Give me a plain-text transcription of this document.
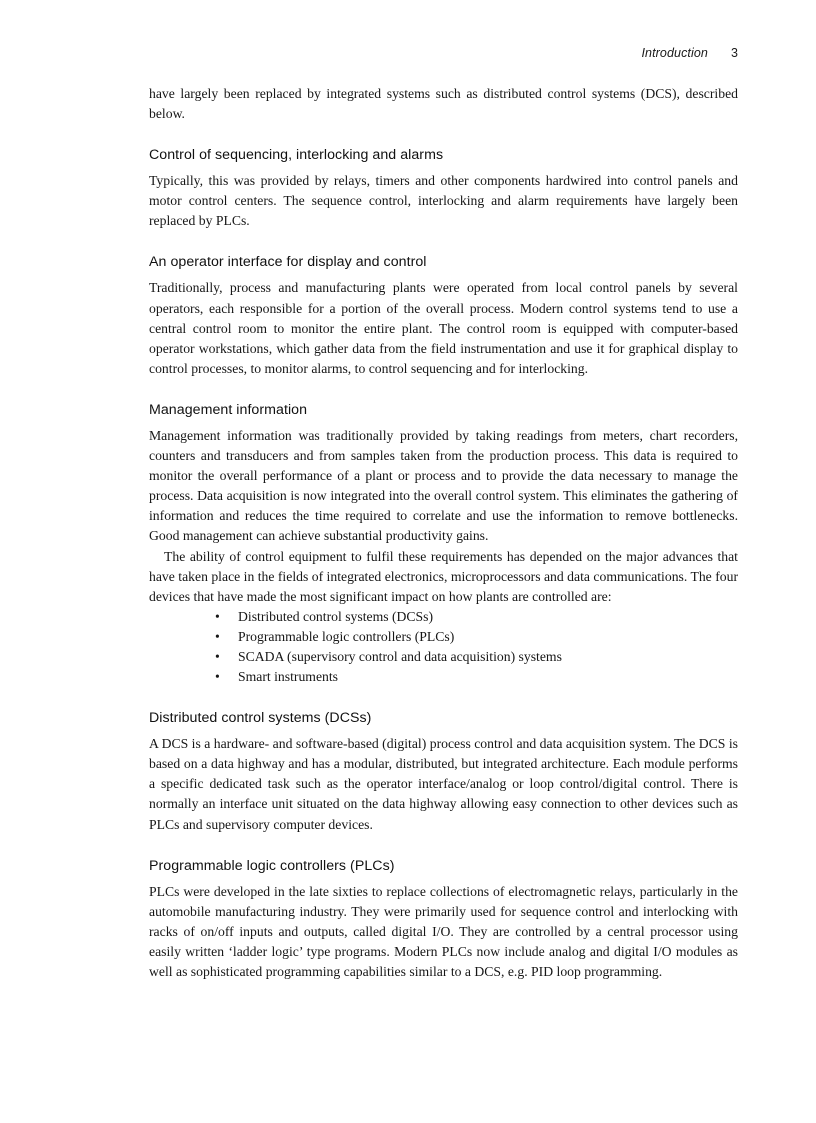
Introduction 3

have largely been replaced by integrated systems such as distributed control systems (DCS), described below.

Control of sequencing, interlocking and alarms

Typically, this was provided by relays, timers and other components hardwired into control panels and motor control centers. The sequence control, interlocking and alarm requirements have largely been replaced by PLCs.

An operator interface for display and control

Traditionally, process and manufacturing plants were operated from local control panels by several operators, each responsible for a portion of the overall process. Modern control systems tend to use a central control room to monitor the entire plant. The control room is equipped with computer-based operator workstations, which gather data from the field instrumentation and use it for graphical display to control processes, to monitor alarms, to control sequencing and for interlocking.

Management information

Management information was traditionally provided by taking readings from meters, chart recorders, counters and transducers and from samples taken from the production process. This data is required to monitor the overall performance of a plant or process and to provide the data necessary to manage the process. Data acquisition is now integrated into the overall control system. This eliminates the gathering of information and reduces the time required to correlate and use the information to remove bottlenecks. Good management can achieve substantial productivity gains.

The ability of control equipment to fulfil these requirements has depended on the major advances that have taken place in the fields of integrated electronics, microprocessors and data communications. The four devices that have made the most significant impact on how plants are controlled are:

• Distributed control systems (DCSs)
• Programmable logic controllers (PLCs)
• SCADA (supervisory control and data acquisition) systems
• Smart instruments
Distributed control systems (DCSs)

A DCS is a hardware- and software-based (digital) process control and data acquisition system. The DCS is based on a data highway and has a modular, distributed, but integrated architecture. Each module performs a specific dedicated task such as the operator interface/analog or loop control/digital control. There is normally an interface unit situated on the data highway allowing easy connection to other devices such as PLCs and supervisory computer devices.

Programmable logic controllers (PLCs)

PLCs were developed in the late sixties to replace collections of electromagnetic relays, particularly in the automobile manufacturing industry. They were primarily used for sequence control and interlocking with racks of on/off inputs and outputs, called digital I/O. They are controlled by a central processor using easily written ‘ladder logic’ type programs. Modern PLCs now include analog and digital I/O modules as well as sophisticated programming capabilities similar to a DCS, e.g. PID loop programming.
